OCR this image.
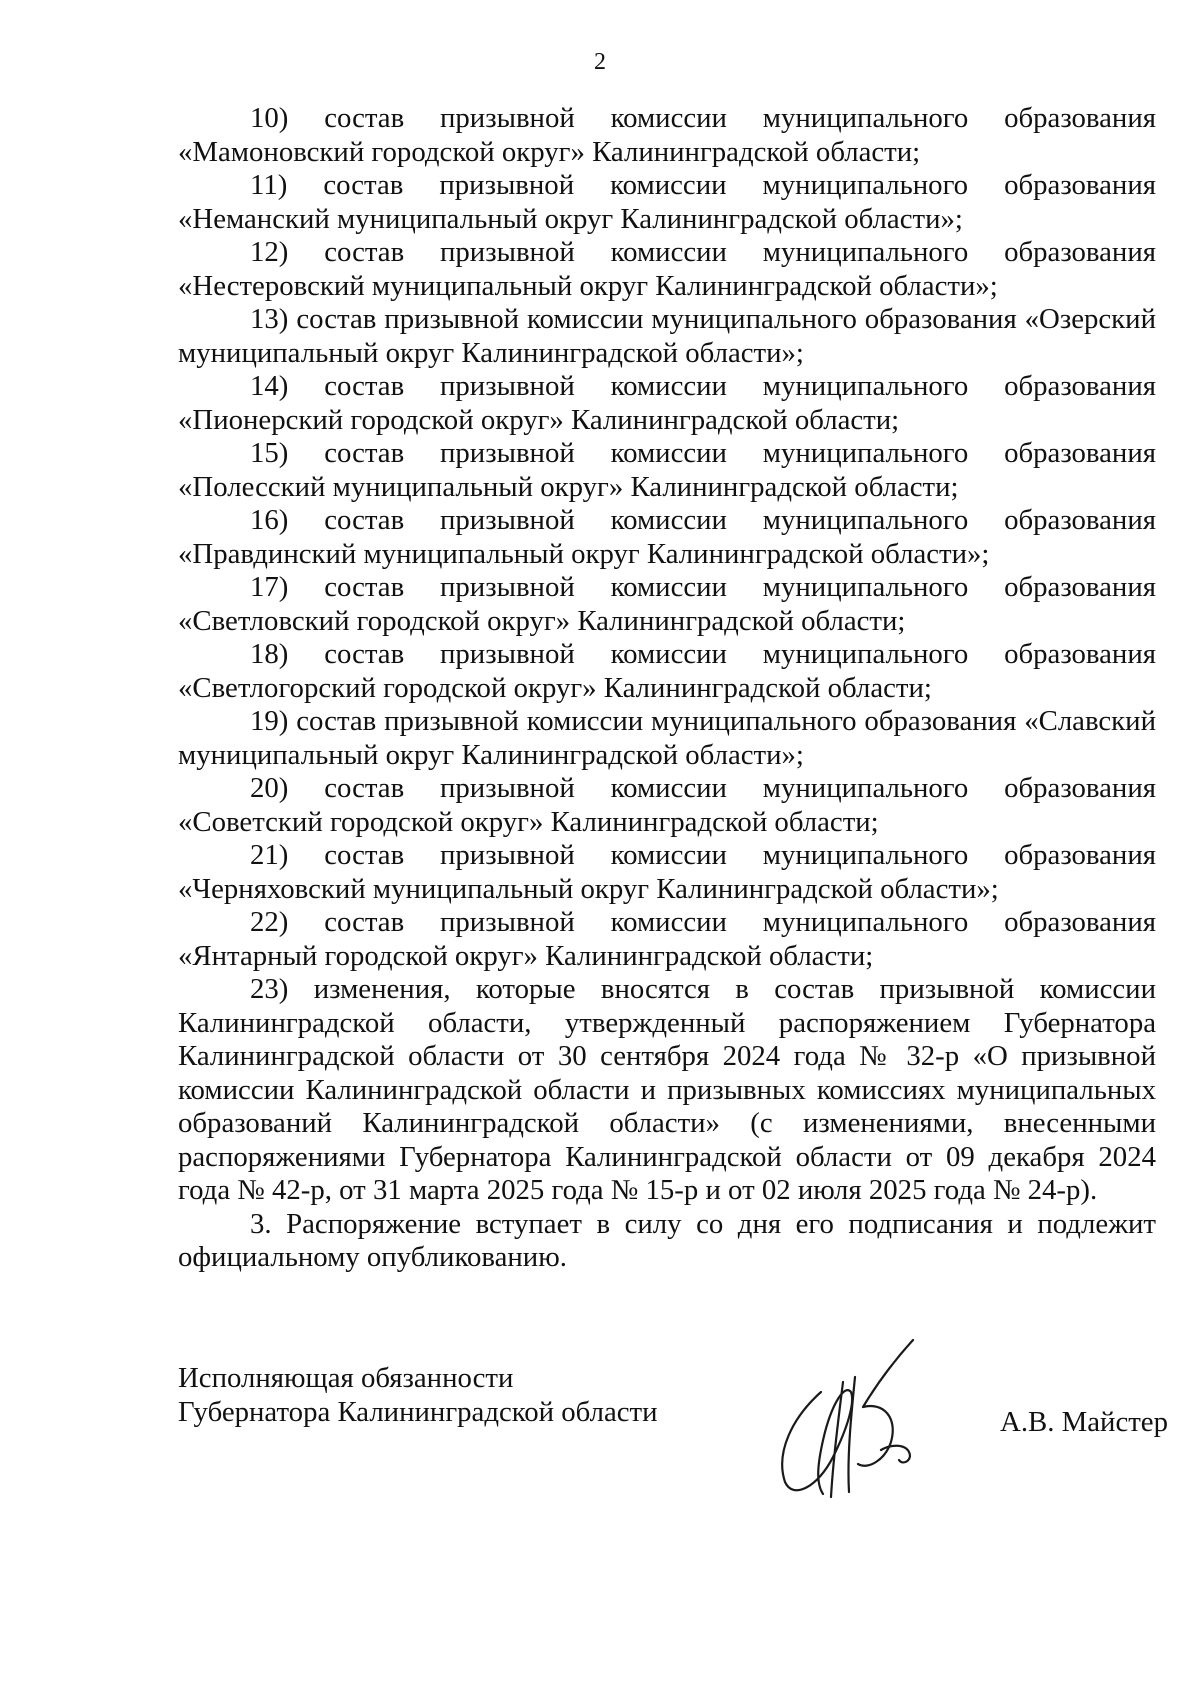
2

10) состав призывной комиссии муниципального образования «Мамоновский городской округ» Калининградской области;

11) состав призывной комиссии муниципального образования «Неманский муниципальный округ Калининградской области»;

12) состав призывной комиссии муниципального образования «Нестеровский муниципальный округ Калининградской области»;

13) состав призывной комиссии муниципального образования «Озерский муниципальный округ Калининградской области»;

14) состав призывной комиссии муниципального образования «Пионерский городской округ» Калининградской области;

15) состав призывной комиссии муниципального образования «Полесский муниципальный округ» Калининградской области;

16) состав призывной комиссии муниципального образования «Правдинский муниципальный округ Калининградской области»;

17) состав призывной комиссии муниципального образования «Светловский городской округ» Калининградской области;

18) состав призывной комиссии муниципального образования «Светлогорский городской округ» Калининградской области;

19) состав призывной комиссии муниципального образования «Славский муниципальный округ Калининградской области»;

20) состав призывной комиссии муниципального образования «Советский городской округ» Калининградской области;

21) состав призывной комиссии муниципального образования «Черняховский муниципальный округ Калининградской области»;

22) состав призывной комиссии муниципального образования «Янтарный городской округ» Калининградской области;

23) изменения, которые вносятся в состав призывной комиссии Калининградской области, утвержденный распоряжением Губернатора Калининградской области от 30 сентября 2024 года № 32-р «О призывной комиссии Калининградской области и призывных комиссиях муниципальных образований Калининградской области» (с изменениями, внесенными распоряжениями Губернатора Калининградской области от 09 декабря 2024 года № 42-р, от 31 марта 2025 года № 15-р и от 02 июля 2025 года № 24-р).

3. Распоряжение вступает в силу со дня его подписания и подлежит официальному опубликованию.

Исполняющая обязанности
Губернатора Калининградской области	А.В. Майстер
